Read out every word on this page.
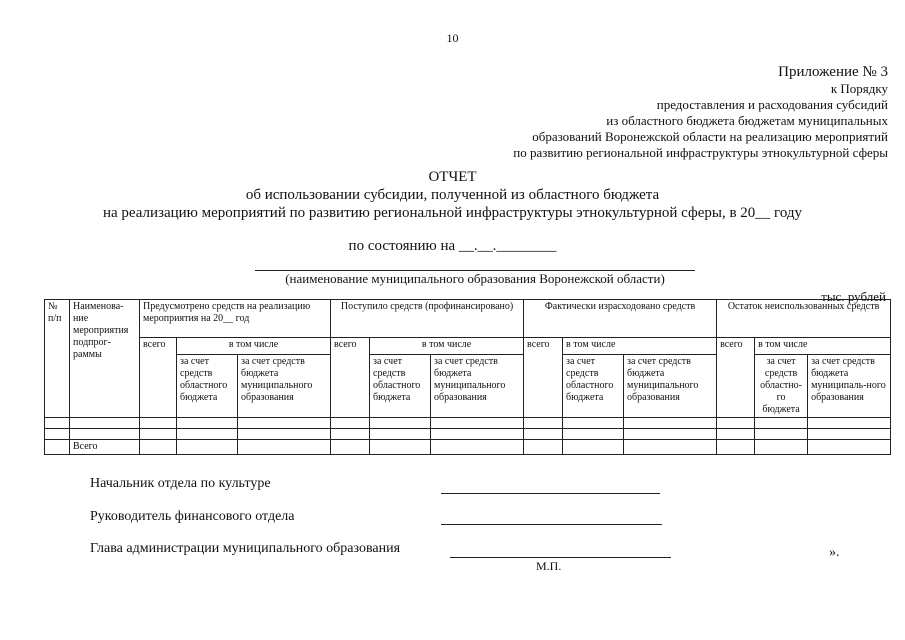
10
Приложение № 3
к Порядку
предоставления и расходования субсидий
из областного бюджета бюджетам муниципальных
образований Воронежской области на реализацию мероприятий
по развитию региональной инфраструктуры этнокультурной сферы
ОТЧЕТ
об использовании субсидии, полученной из областного бюджета
на реализацию мероприятий по развитию региональной инфраструктуры этнокультурной сферы, в 20__ году
по состоянию на __.__.________
(наименование муниципального образования Воронежской области)
тыс. рублей
№ п/п	Наименова-ние мероприятия подпрог-раммы	Предусмотрено средств на реализацию мероприятия на 20__ год			Поступило средств (профинансировано)			Фактически израсходовано средств			Остаток неиспользованных средств		
		всего	в том числе		всего	в том числе		всего	в том числе		всего	в том числе	
			за счет средств областного бюджета	за счет средств бюджета муниципального образования		за счет средств областного бюджета	за счет средств бюджета муниципального образования		за счет средств областного бюджета	за счет средств бюджета муниципального образования		за счет средств областно-го бюджета	за счет средств бюджета муниципаль-ного образования

	Всего												
Начальник отдела по культуре
Руководитель финансового отдела
Глава администрации муниципального образования
М.П.
».
